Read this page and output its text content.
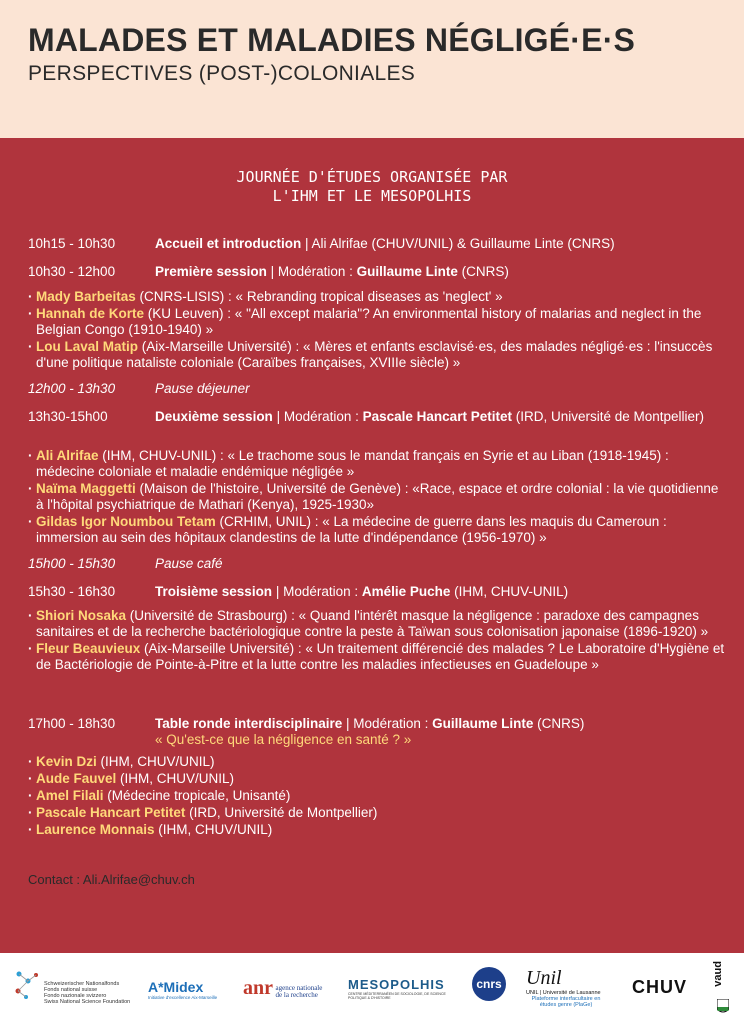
MALADES ET MALADIES NÉGLIGÉ·E·S
PERSPECTIVES (POST-)COLONIALES
JOURNÉE D'ÉTUDES ORGANISÉE PAR
L'IHM ET LE MESOPOLHIS
10h15 - 10h30	Accueil et introduction | Ali Alrifae (CHUV/UNIL) & Guillaume Linte (CNRS)
10h30 - 12h00	Première session | Modération : Guillaume Linte (CNRS)
· Mady Barbeitas (CNRS-LISIS) : « Rebranding tropical diseases as 'neglect' »
· Hannah de Korte (KU Leuven) : « "All except malaria"? An environmental history of malarias and neglect in the Belgian Congo (1910-1940) »
· Lou Laval Matip (Aix-Marseille Université) : « Mères et enfants esclavisé·es, des malades négligé·es : l'insuccès d'une politique nataliste coloniale (Caraïbes françaises, XVIIIe siècle) »
12h00 - 13h30	Pause déjeuner
13h30-15h00	Deuxième session | Modération : Pascale Hancart Petitet (IRD, Université de Montpellier)
· Ali Alrifae (IHM, CHUV-UNIL) : « Le trachome sous le mandat français en Syrie et au Liban (1918-1945) : médecine coloniale et maladie endémique négligée »
· Naïma Maggetti (Maison de l'histoire, Université de Genève) : «Race, espace et ordre colonial : la vie quotidienne à l'hôpital psychiatrique de Mathari (Kenya), 1925-1930»
· Gildas Igor Noumbou Tetam (CRHIM, UNIL) : « La médecine de guerre dans les maquis du Cameroun : immersion au sein des hôpitaux clandestins de la lutte d'indépendance (1956-1970) »
15h00 - 15h30	Pause café
15h30 - 16h30	Troisième session | Modération : Amélie Puche (IHM, CHUV-UNIL)
· Shiori Nosaka (Université de Strasbourg) : « Quand l'intérêt masque la négligence : paradoxe des campagnes sanitaires et de la recherche bactériologique contre la peste à Taïwan sous colonisation japonaise (1896-1920) »
· Fleur Beauvieux (Aix-Marseille Université) : « Un traitement différencié des malades ? Le Laboratoire d'Hygiène et de Bactériologie de Pointe-à-Pitre et la lutte contre les maladies infectieuses en Guadeloupe »
17h00 - 18h30	Table ronde interdisciplinaire | Modération : Guillaume Linte (CNRS)
« Qu'est-ce que la négligence en santé ? »
· Kevin Dzi (IHM, CHUV/UNIL)
· Aude Fauvel (IHM, CHUV/UNIL)
· Amel Filali (Médecine tropicale, Unisanté)
· Pascale Hancart Petitet (IRD, Université de Montpellier)
· Laurence Monnais (IHM, CHUV/UNIL)
Contact : Ali.Alrifae@chuv.ch
Schweizerischer Nationalfonds
Fonds national suisse
Fondo nazionale svizzero
Swiss National Science Foundation
A*Midex
Initiative d'excellence Aix-Marseille anr agence nationale de la recherche
MESOPOLHIS
CENTRE MÉDITERRANÉEN DE SOCIOLOGIE, DE SCIENCE POLITIQUE & D'HISTOIRE
cnrs Unil
UNIL | Université de Lausanne
Plateforme interfacultaire en études genre (PlaGe)
CHUV
vaud
